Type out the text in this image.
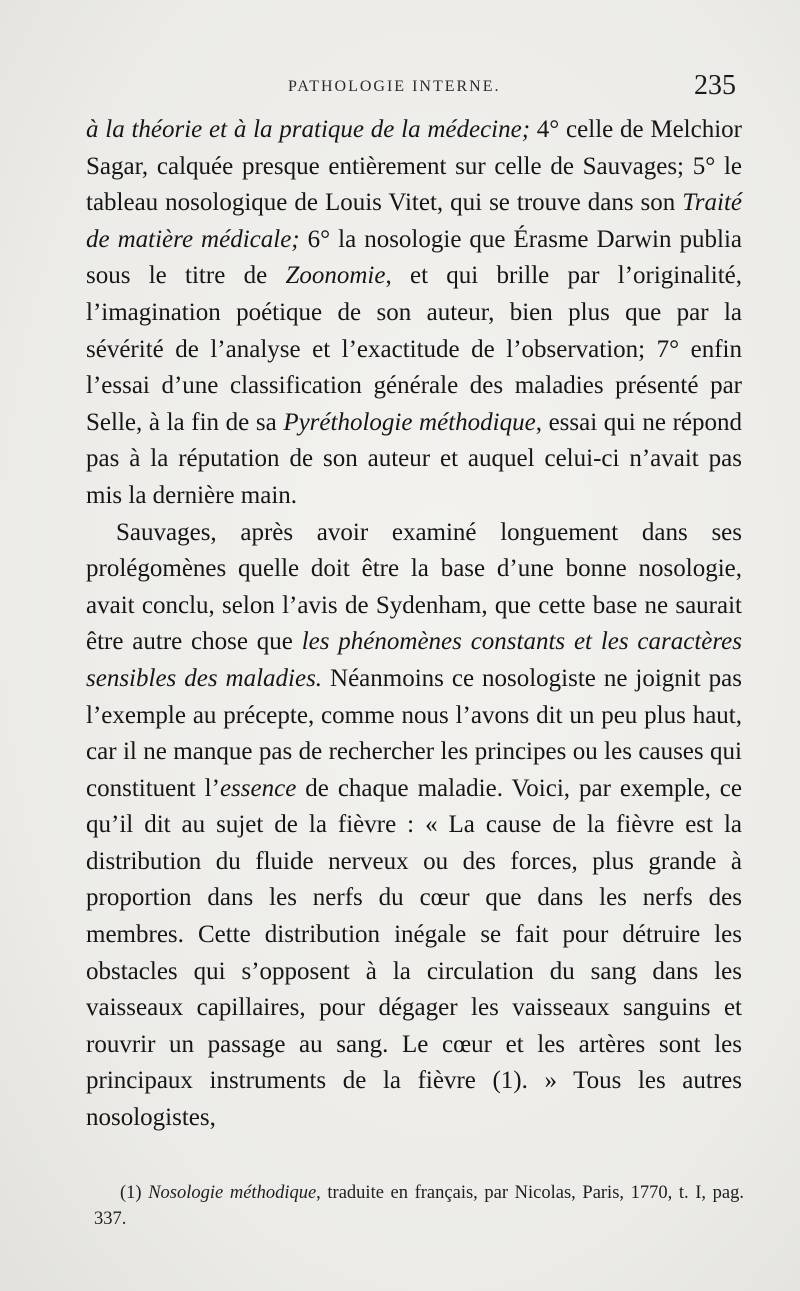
PATHOLOGIE INTERNE.	235

à la théorie et à la pratique de la médecine; 4° celle de Melchior Sagar, calquée presque entièrement sur celle de Sauvages; 5° le tableau nosologique de Louis Vitet, qui se trouve dans son Traité de matière médicale; 6° la nosologie que Érasme Darwin publia sous le titre de Zoonomie, et qui brille par l’originalité, l’imagination poétique de son auteur, bien plus que par la sévérité de l’analyse et l’exactitude de l’observation; 7° enfin l’essai d’une classification générale des maladies présenté par Selle, à la fin de sa Pyréthologie méthodique, essai qui ne répond pas à la réputation de son auteur et auquel celui-ci n’avait pas mis la dernière main.

Sauvages, après avoir examiné longuement dans ses prolégomènes quelle doit être la base d’une bonne nosologie, avait conclu, selon l’avis de Sydenham, que cette base ne saurait être autre chose que les phénomènes constants et les caractères sensibles des maladies. Néanmoins ce nosologiste ne joignit pas l’exemple au précepte, comme nous l’avons dit un peu plus haut, car il ne manque pas de rechercher les principes ou les causes qui constituent l’essence de chaque maladie. Voici, par exemple, ce qu’il dit au sujet de la fièvre : « La cause de la fièvre est la distribution du fluide nerveux ou des forces, plus grande à proportion dans les nerfs du cœur que dans les nerfs des membres. Cette distribution inégale se fait pour détruire les obstacles qui s’opposent à la circulation du sang dans les vaisseaux capillaires, pour dégager les vaisseaux sanguins et rouvrir un passage au sang. Le cœur et les artères sont les principaux instruments de la fièvre (1). » Tous les autres nosologistes,

(1) Nosologie méthodique, traduite en français, par Nicolas, Paris, 1770, t. I, pag. 337.
